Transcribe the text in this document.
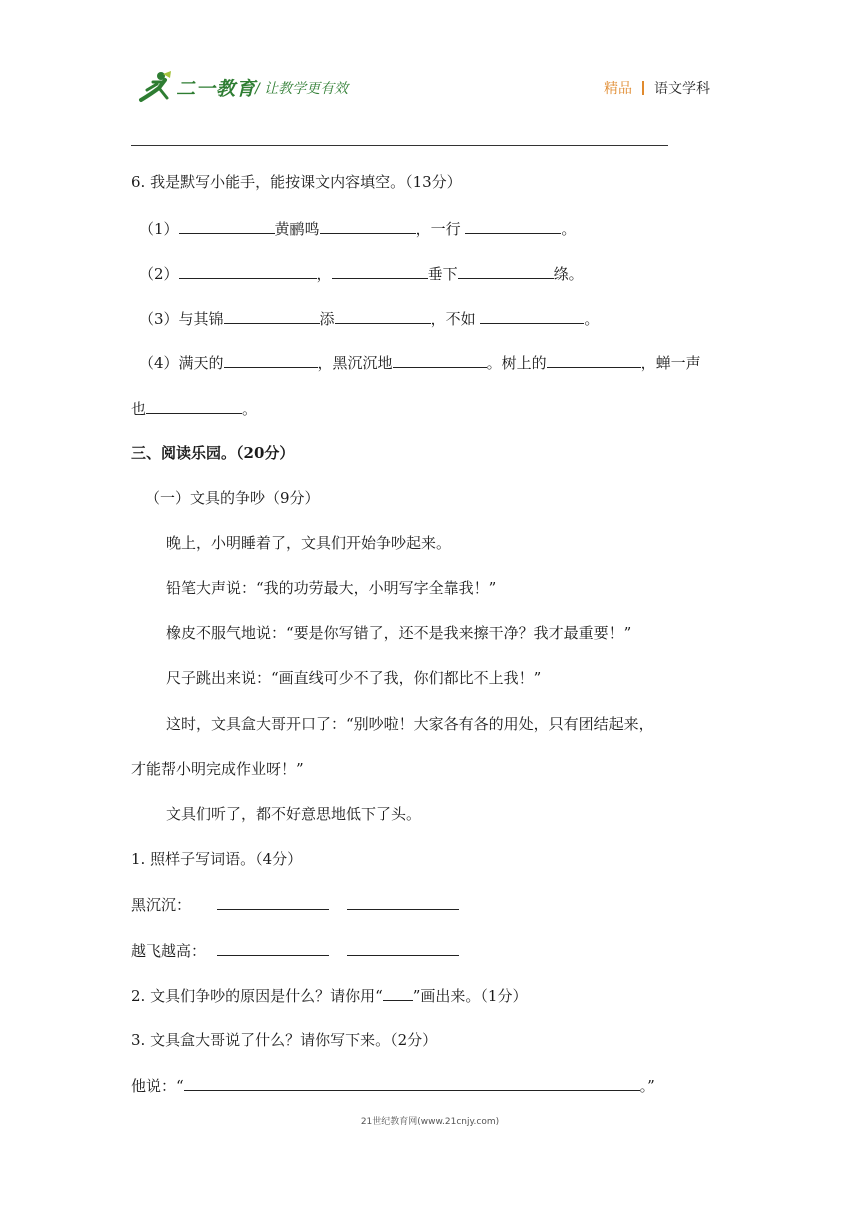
二一教育
/ 让教学更有效	精品 语文学科
6. 我是默写小能手，能按课文内容填空。（13分）
（1）	黄鹂鸣	，一行	。
（2）	，	垂下	绦。
（3）与其锦	添	，不如	。
（4）满天的	，黑沉沉地	。树上的	，蝉一声
也	。
三、阅读乐园。（20分）
（一）文具的争吵（9分）
晚上，小明睡着了，文具们开始争吵起来。
铅笔大声说：“我的功劳最大，小明写字全靠我！”
橡皮不服气地说：“要是你写错了，还不是我来擦干净？我才最重要！”
尺子跳出来说：“画直线可少不了我，你们都比不上我！”
这时，文具盒大哥开口了：“别吵啦！大家各有各的用处，只有团结起来，
才能帮小明完成作业呀！”
文具们听了，都不好意思地低下了头。
1. 照样子写词语。（4分）
黑沉沉：
越飞越高：
2. 文具们争吵的原因是什么？请你用“ ”画出来。（1分）
3. 文具盒大哥说了什么？请你写下来。（2分）
他说：“	。”
21世纪教育网(www.21cnjy.com)
